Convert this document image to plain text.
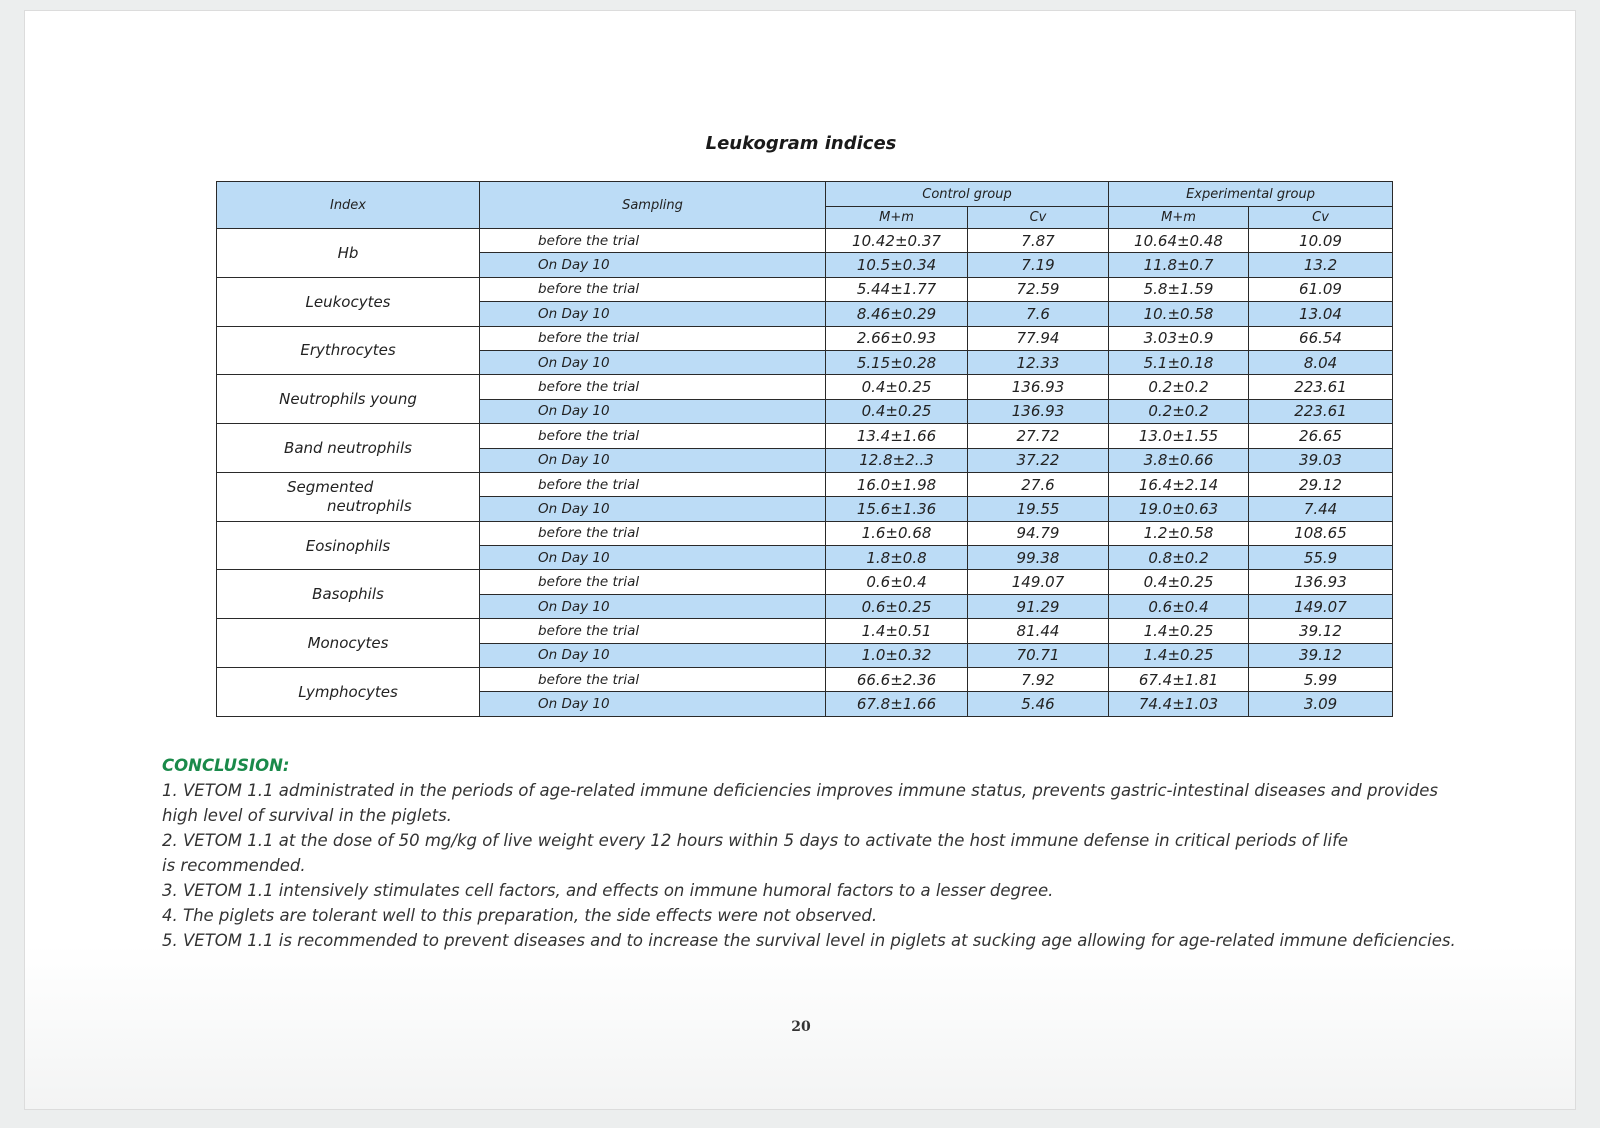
Leukogram indices
Index	Sampling	Control group		Experimental group	
		M+m	Cv	M+m	Cv
Hb	before the trial	10.42±0.37	7.87	10.64±0.48	10.09
	On Day 10	10.5±0.34	7.19	11.8±0.7	13.2
Leukocytes	before the trial	5.44±1.77	72.59	5.8±1.59	61.09
	On Day 10	8.46±0.29	7.6	10.±0.58	13.04
Erythrocytes	before the trial	2.66±0.93	77.94	3.03±0.9	66.54
	On Day 10	5.15±0.28	12.33	5.1±0.18	8.04
Neutrophils young	before the trial	0.4±0.25	136.93	0.2±0.2	223.61
	On Day 10	0.4±0.25	136.93	0.2±0.2	223.61
Band neutrophils	before the trial	13.4±1.66	27.72	13.0±1.55	26.65
	On Day 10	12.8±2..3	37.22	3.8±0.66	39.03

Segmented
neutrophils	before the trial	16.0±1.98	27.6	16.4±2.14	29.12
	On Day 10	15.6±1.36	19.55	19.0±0.63	7.44
Eosinophils	before the trial	1.6±0.68	94.79	1.2±0.58	108.65
	On Day 10	1.8±0.8	99.38	0.8±0.2	55.9
Basophils	before the trial	0.6±0.4	149.07	0.4±0.25	136.93
	On Day 10	0.6±0.25	91.29	0.6±0.4	149.07
Monocytes	before the trial	1.4±0.51	81.44	1.4±0.25	39.12
	On Day 10	1.0±0.32	70.71	1.4±0.25	39.12
Lymphocytes	before the trial	66.6±2.36	7.92	67.4±1.81	5.99
	On Day 10	67.8±1.66	5.46	74.4±1.03	3.09
CONCLUSION:
1. VETOM 1.1 administrated in the periods of age-related immune deficiencies improves immune status, prevents gastric-intestinal diseases and provides
high level of survival in the piglets.
2. VETOM 1.1 at the dose of 50 mg/kg of live weight every 12 hours within 5 days to activate the host immune defense in critical periods of life
is recommended.
3. VETOM 1.1 intensively stimulates cell factors, and effects on immune humoral factors to a lesser degree.
4. The piglets are tolerant well to this preparation, the side effects were not observed.
5. VETOM 1.1 is recommended to prevent diseases and to increase the survival level in piglets at sucking age allowing for age-related immune deficiencies.
20
